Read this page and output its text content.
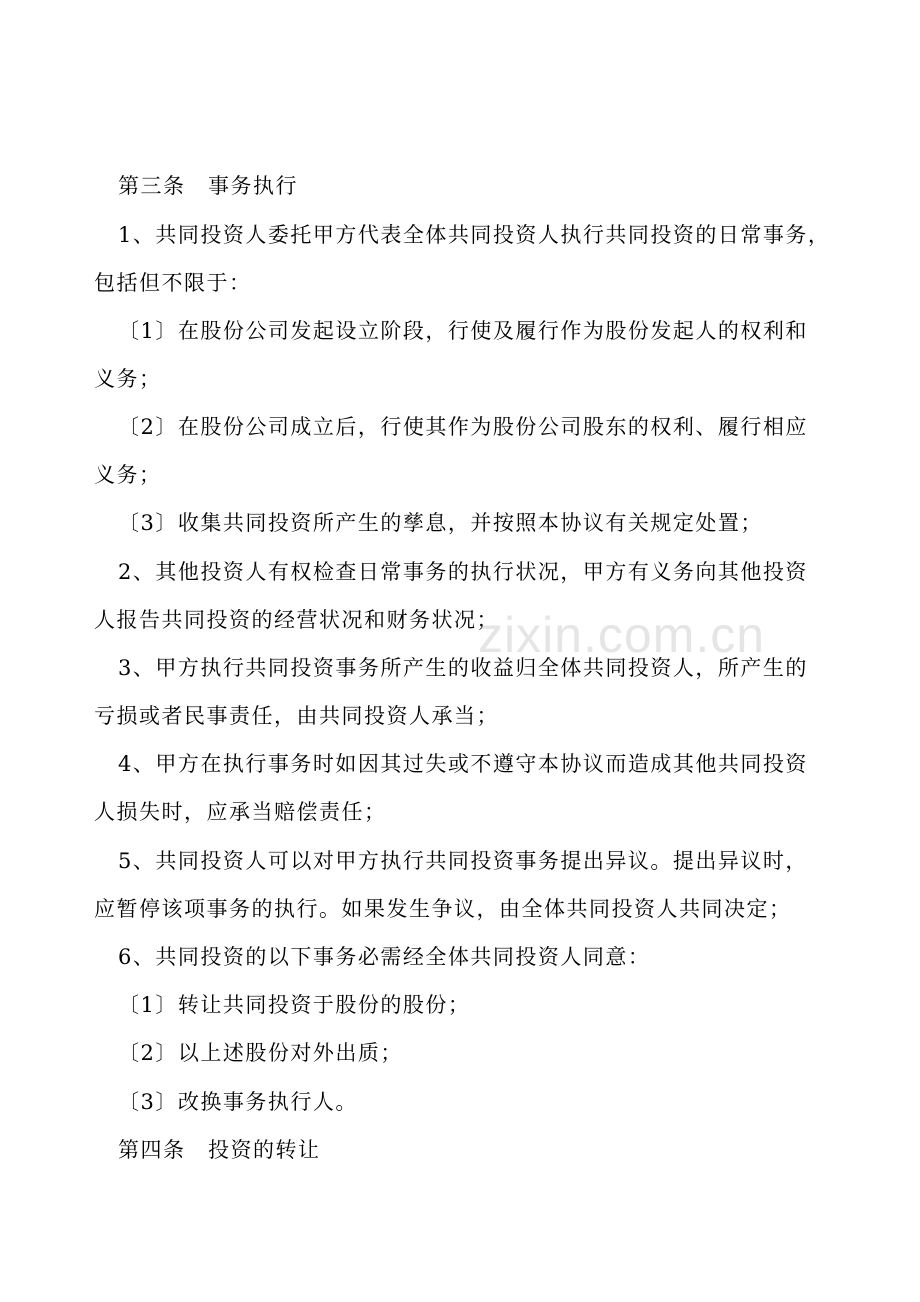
第三条　事务执行
1、共同投资人委托甲方代表全体共同投资人执行共同投资的日常事务，
包括但不限于：
〔1〕在股份公司发起设立阶段，行使及履行作为股份发起人的权利和
义务；
〔2〕在股份公司成立后，行使其作为股份公司股东的权利、履行相应
义务；
〔3〕收集共同投资所产生的孳息，并按照本协议有关规定处置；
2、其他投资人有权检查日常事务的执行状况，甲方有义务向其他投资
人报告共同投资的经营状况和财务状况；
3、甲方执行共同投资事务所产生的收益归全体共同投资人，所产生的
亏损或者民事责任，由共同投资人承当；
4、甲方在执行事务时如因其过失或不遵守本协议而造成其他共同投资
人损失时，应承当赔偿责任；
5、共同投资人可以对甲方执行共同投资事务提出异议。提出异议时，
应暂停该项事务的执行。如果发生争议，由全体共同投资人共同决定；
6、共同投资的以下事务必需经全体共同投资人同意：
〔1〕转让共同投资于股份的股份；
〔2〕以上述股份对外出质；
〔3〕改换事务执行人。
第四条　投资的转让
zixin.com.cn
